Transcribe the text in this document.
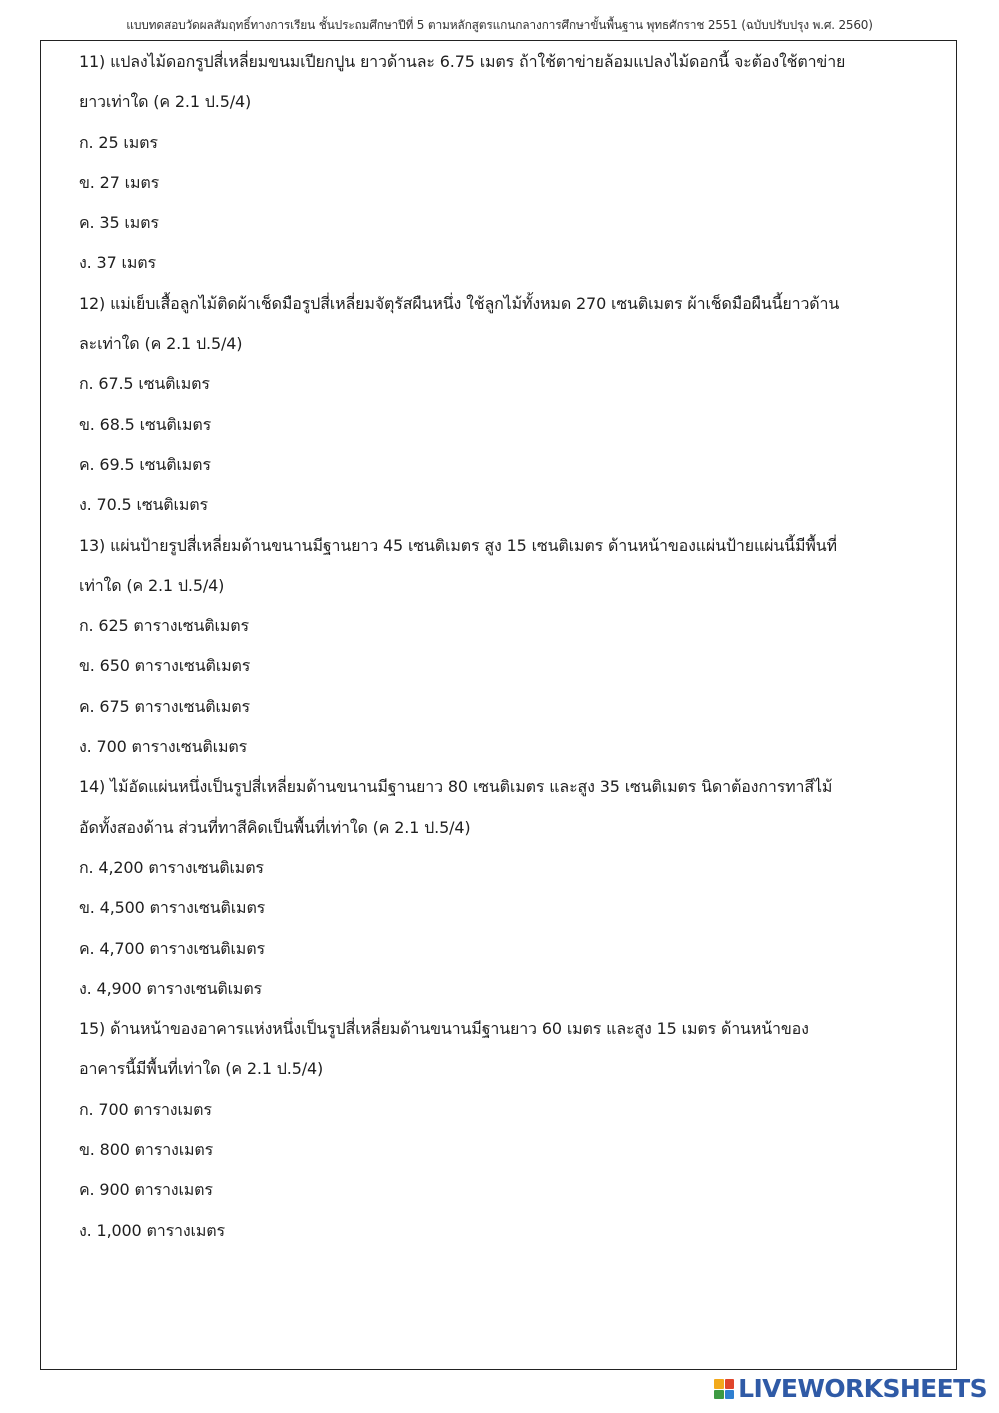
แบบทดสอบวัดผลสัมฤทธิ์ทางการเรียน ชั้นประถมศึกษาปีที่ 5 ตามหลักสูตรแกนกลางการศึกษาขั้นพื้นฐาน พุทธศักราช 2551 (ฉบับปรับปรุง พ.ศ. 2560)
11) แปลงไม้ดอกรูปสี่เหลี่ยมขนมเปียกปูน ยาวด้านละ 6.75 เมตร ถ้าใช้ตาข่ายล้อมแปลงไม้ดอกนี้ จะต้องใช้ตาข่าย
ยาวเท่าใด (ค 2.1 ป.5/4)
ก. 25 เมตร
ข. 27 เมตร
ค. 35 เมตร
ง. 37 เมตร
12) แม่เย็บเสื้อลูกไม้ติดผ้าเช็ดมือรูปสี่เหลี่ยมจัตุรัสผืนหนึ่ง ใช้ลูกไม้ทั้งหมด 270 เซนติเมตร ผ้าเช็ดมือผืนนี้ยาวด้าน
ละเท่าใด (ค 2.1 ป.5/4)
ก. 67.5 เซนติเมตร
ข. 68.5 เซนติเมตร
ค. 69.5 เซนติเมตร
ง. 70.5 เซนติเมตร
13) แผ่นป้ายรูปสี่เหลี่ยมด้านขนานมีฐานยาว 45 เซนติเมตร สูง 15 เซนติเมตร ด้านหน้าของแผ่นป้ายแผ่นนี้มีพื้นที่
เท่าใด (ค 2.1 ป.5/4)
ก. 625 ตารางเซนติเมตร
ข. 650 ตารางเซนติเมตร
ค. 675 ตารางเซนติเมตร
ง. 700 ตารางเซนติเมตร
14) ไม้อัดแผ่นหนึ่งเป็นรูปสี่เหลี่ยมด้านขนานมีฐานยาว 80 เซนติเมตร และสูง 35 เซนติเมตร นิดาต้องการทาสีไม้
อัดทั้งสองด้าน ส่วนที่ทาสีคิดเป็นพื้นที่เท่าใด (ค 2.1 ป.5/4)
ก. 4,200 ตารางเซนติเมตร
ข. 4,500 ตารางเซนติเมตร
ค. 4,700 ตารางเซนติเมตร
ง. 4,900 ตารางเซนติเมตร
15) ด้านหน้าของอาคารแห่งหนึ่งเป็นรูปสี่เหลี่ยมด้านขนานมีฐานยาว 60 เมตร และสูง 15 เมตร ด้านหน้าของ
อาคารนี้มีพื้นที่เท่าใด (ค 2.1 ป.5/4)
ก. 700 ตารางเมตร
ข. 800 ตารางเมตร
ค. 900 ตารางเมตร
ง. 1,000 ตารางเมตร
LIVEWORKSHEETS
